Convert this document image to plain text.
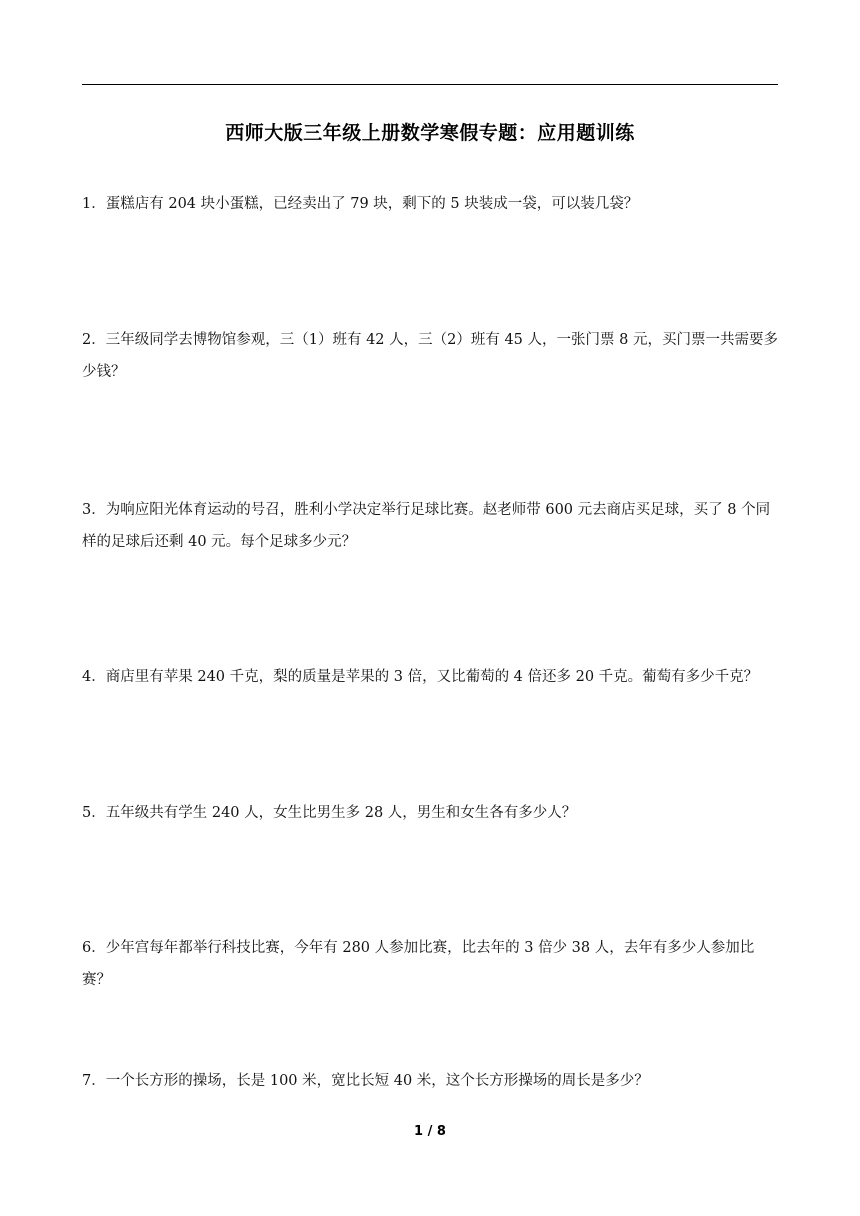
西师大版三年级上册数学寒假专题：应用题训练
1．蛋糕店有 204 块小蛋糕，已经卖出了 79 块，剩下的 5 块装成一袋，可以装几袋？
2．三年级同学去博物馆参观，三（1）班有 42 人，三（2）班有 45 人，一张门票 8 元，买门票一共需要多少钱？
3．为响应阳光体育运动的号召，胜利小学决定举行足球比赛。赵老师带 600 元去商店买足球，买了 8 个同样的足球后还剩 40 元。每个足球多少元？
4．商店里有苹果 240 千克，梨的质量是苹果的 3 倍，又比葡萄的 4 倍还多 20 千克。葡萄有多少千克？
5．五年级共有学生 240 人，女生比男生多 28 人，男生和女生各有多少人？
6．少年宫每年都举行科技比赛，今年有 280 人参加比赛，比去年的 3 倍少 38 人，去年有多少人参加比赛？
7．一个长方形的操场，长是 100 米，宽比长短 40 米，这个长方形操场的周长是多少？
1 / 8
